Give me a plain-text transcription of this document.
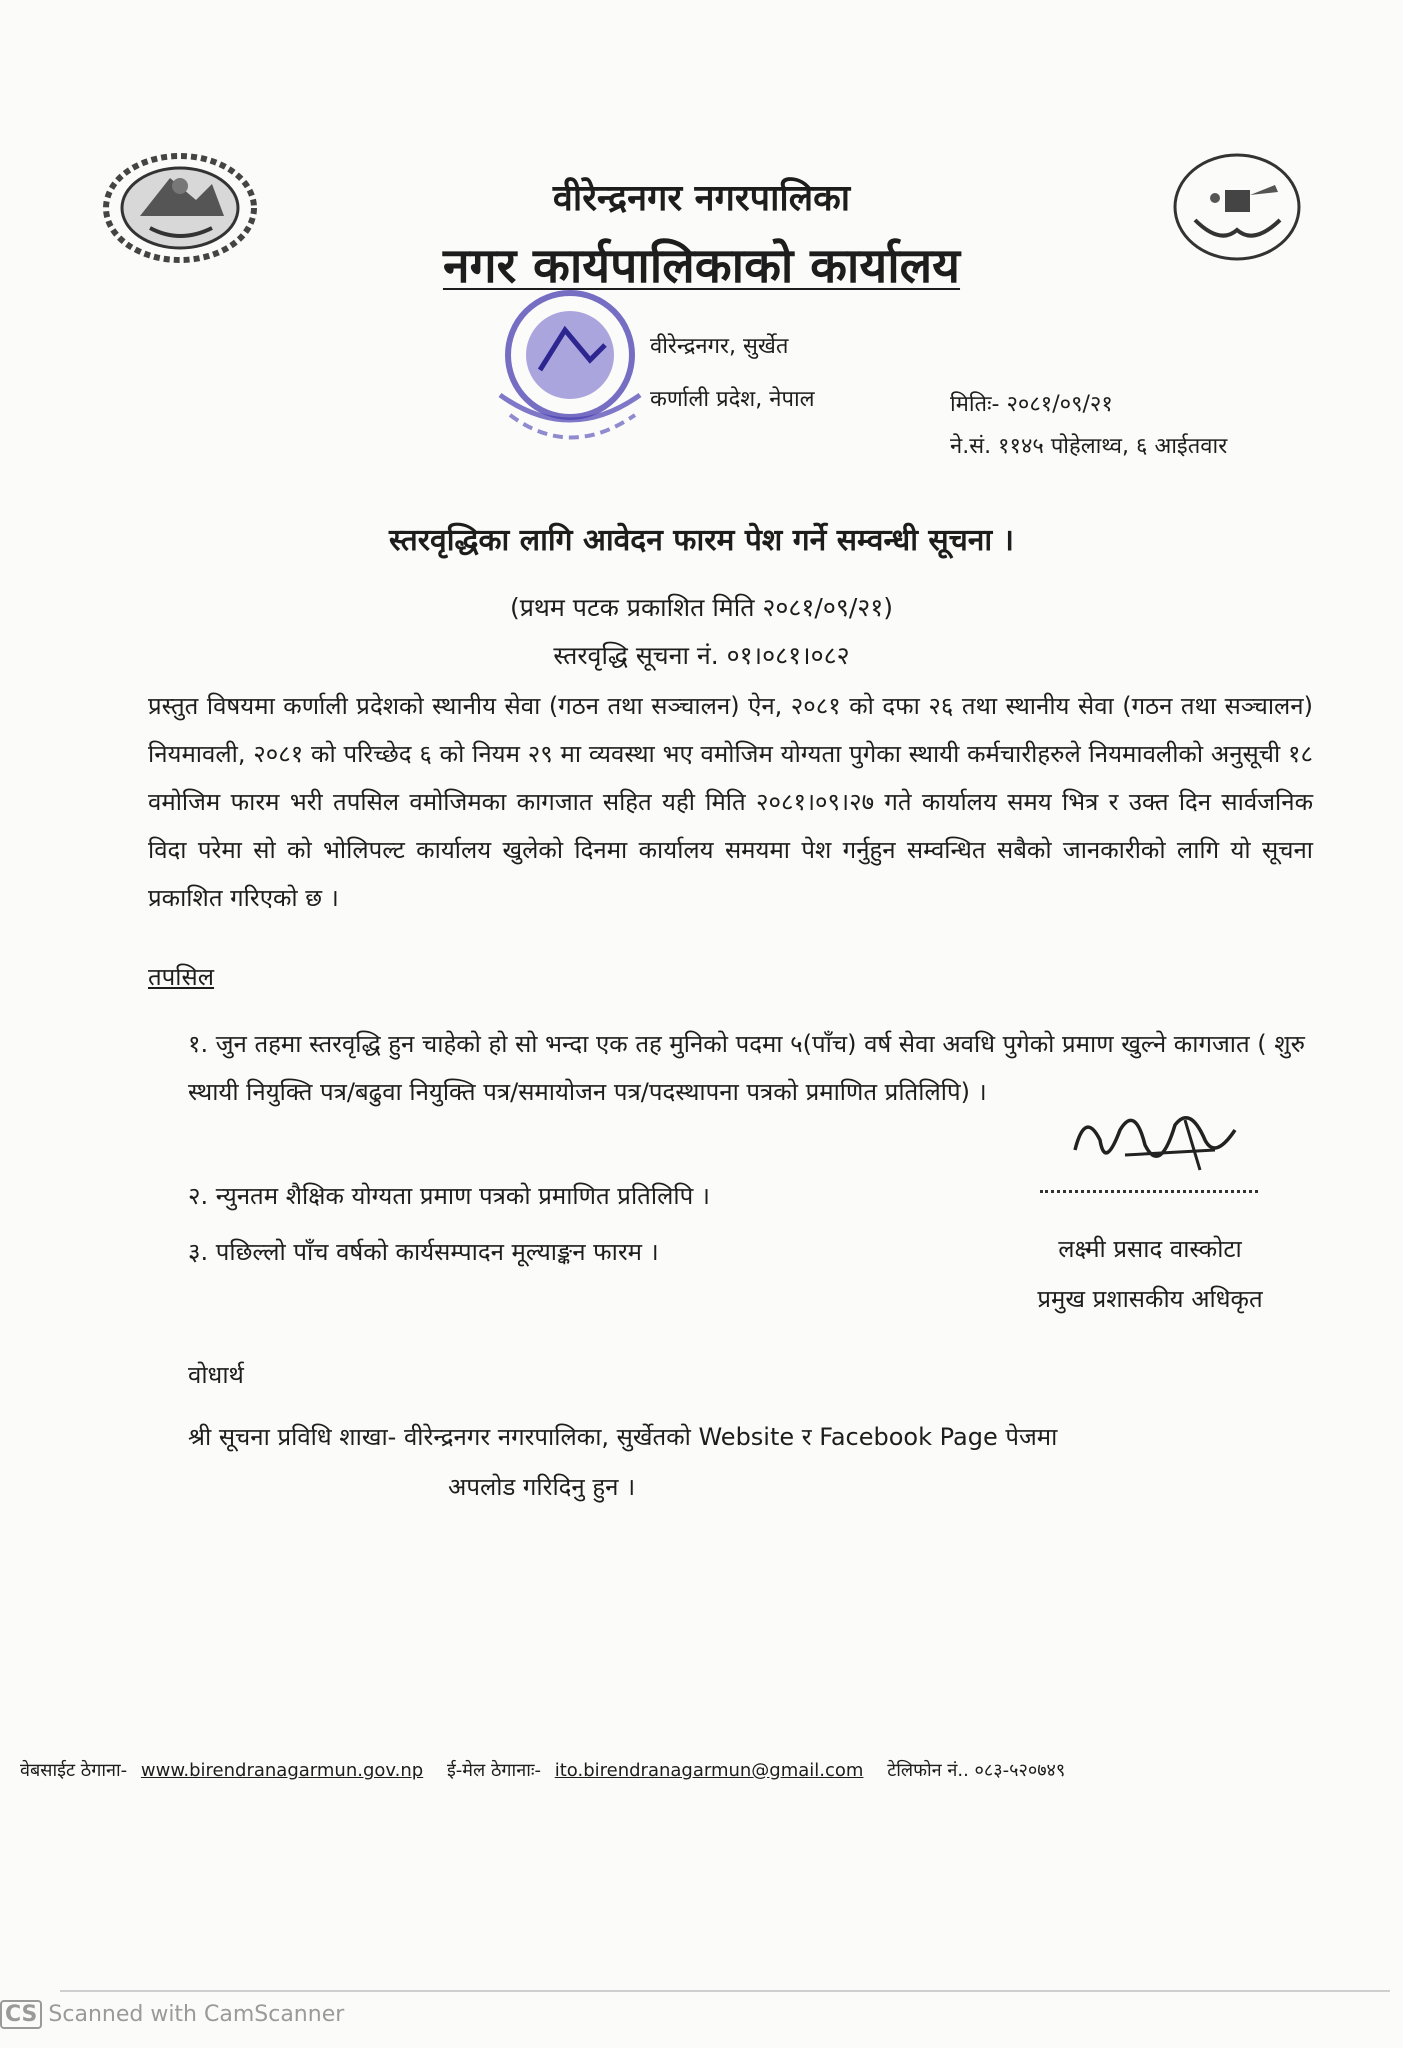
वीरेन्द्रनगर नगरपालिका
नगर कार्यपालिकाको कार्यालय
वीरेन्द्रनगर, सुर्खेत
कर्णाली प्रदेश, नेपाल	मितिः- २०८१/०९/२१
ने.सं. ११४५ पोहेलाथ्व, ६ आईतवार
स्तरवृद्धिका लागि आवेदन फारम पेश गर्ने सम्वन्धी सूचना ।
(प्रथम पटक प्रकाशित मिति २०८१/०९/२१)
स्तरवृद्धि सूचना नं. ०१।०८१।०८२
प्रस्तुत विषयमा कर्णाली प्रदेशको स्थानीय सेवा (गठन तथा सञ्चालन) ऐन, २०८१ को दफा २६ तथा स्थानीय सेवा (गठन तथा सञ्चालन) नियमावली, २०८१ को परिच्छेद ६ को नियम २९ मा व्यवस्था भए वमोजिम योग्यता पुगेका स्थायी कर्मचारीहरुले नियमावलीको अनुसूची १८ वमोजिम फारम भरी तपसिल वमोजिमका कागजात सहित यही मिति २०८१।०९।२७ गते कार्यालय समय भित्र र उक्त दिन सार्वजनिक विदा परेमा सो को भोलिपल्ट कार्यालय खुलेको दिनमा कार्यालय समयमा पेश गर्नुहुन सम्वन्धित सबैको जानकारीको लागि यो सूचना प्रकाशित गरिएको छ ।
तपसिल
१. जुन तहमा स्तरवृद्धि हुन चाहेको हो सो भन्दा एक तह मुनिको पदमा ५(पाँच) वर्ष सेवा अवधि पुगेको प्रमाण खुल्ने कागजात ( शुरु स्थायी नियुक्ति पत्र/बढुवा नियुक्ति पत्र/समायोजन पत्र/पदस्थापना पत्रको प्रमाणित प्रतिलिपि) ।
२. न्युनतम शैक्षिक योग्यता प्रमाण पत्रको प्रमाणित प्रतिलिपि ।
३. पछिल्लो पाँच वर्षको कार्यसम्पादन मूल्याङ्कन फारम ।	लक्ष्मी प्रसाद वास्कोटा
प्रमुख प्रशासकीय अधिकृत
वोधार्थ
श्री सूचना प्रविधि शाखा- वीरेन्द्रनगर नगरपालिका, सुर्खेतको Website र Facebook Page पेजमा
अपलोड गरिदिनु हुन ।
वेबसाईट ठेगाना- www.birendranagarmun.gov.np ई-मेल ठेगानाः- ito.birendranagarmun@gmail.com टेलिफोन नं.. ०८३-५२०७४९
CS Scanned with CamScanner
